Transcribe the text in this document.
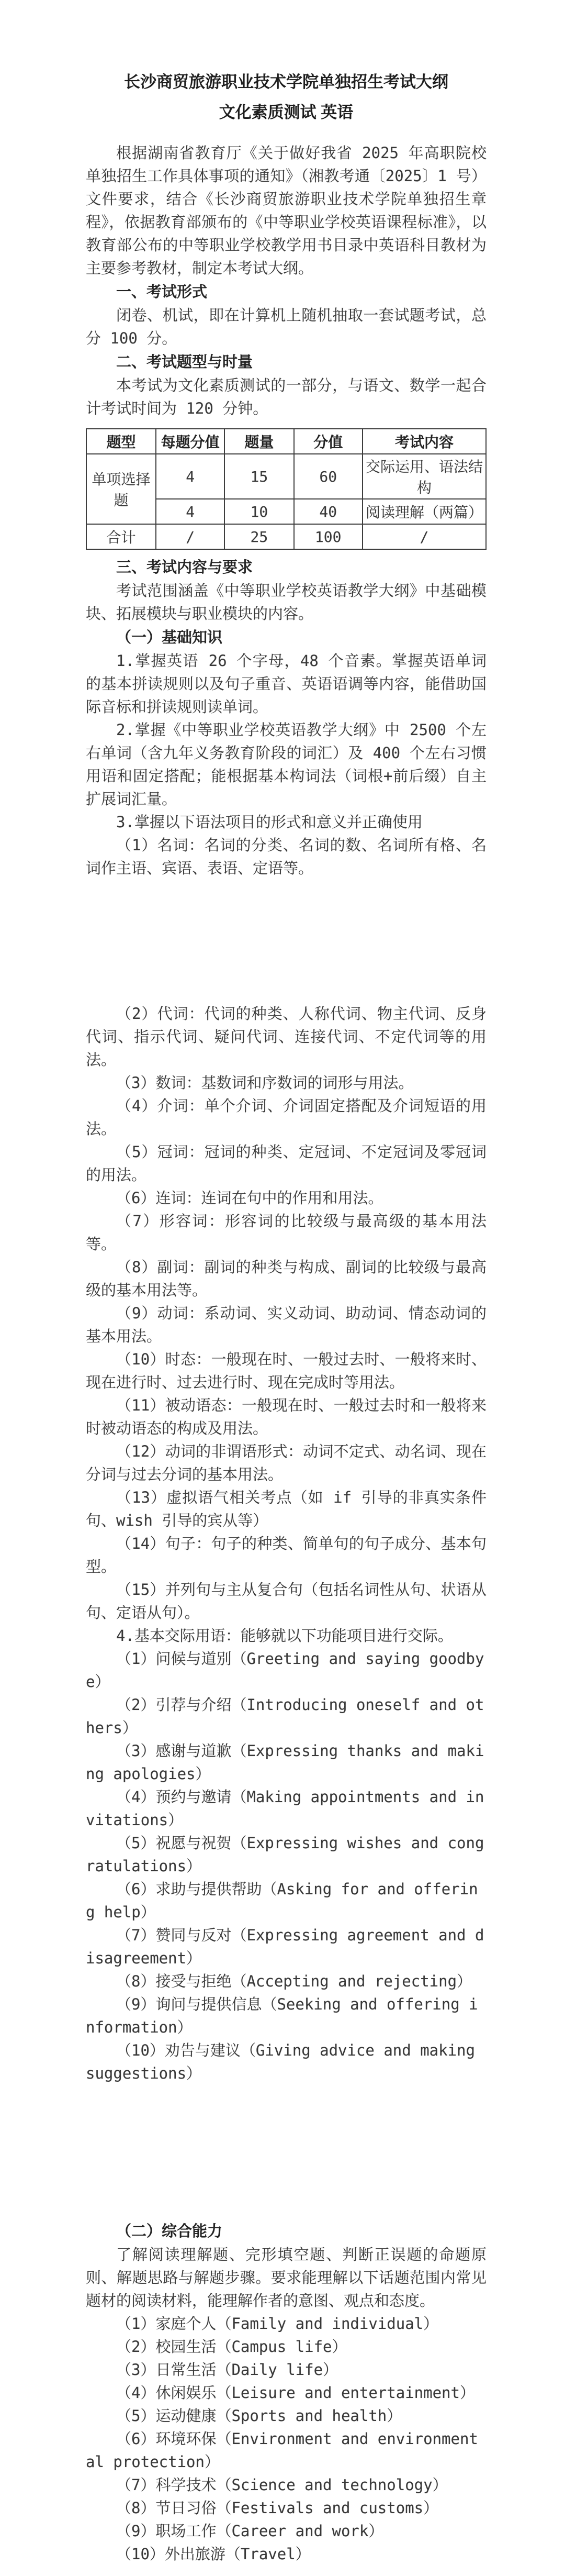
长沙商贸旅游职业技术学院单独招生考试大纲
文化素质测试 英语

根据湖南省教育厅《关于做好我省 2025 年高职院校单独招生工作具体事项的通知》（湘教考通〔2025〕1 号）文件要求，结合《长沙商贸旅游职业技术学院单独招生章程》，依据教育部颁布的《中等职业学校英语课程标准》，以教育部公布的中等职业学校教学用书目录中英语科目教材为主要参考教材，制定本考试大纲。

一、考试形式

闭卷、机试，即在计算机上随机抽取一套试题考试，总分 100 分。

二、考试题型与时量

本考试为文化素质测试的一部分，与语文、数学一起合计考试时间为 120 分钟。

题型	每题分值	题量	分值	考试内容
单项选择题	4	15	60	交际运用、语法结构
	4	10	40	阅读理解（两篇）
合计	/	25	100	/
三、考试内容与要求

考试范围涵盖《中等职业学校英语教学大纲》中基础模块、拓展模块与职业模块的内容。

（一）基础知识

1.掌握英语 26 个字母，48 个音素。掌握英语单词的基本拼读规则以及句子重音、英语语调等内容，能借助国际音标和拼读规则读单词。

2.掌握《中等职业学校英语教学大纲》中 2500 个左右单词（含九年义务教育阶段的词汇）及 400 个左右习惯用语和固定搭配；能根据基本构词法（词根+前后缀）自主扩展词汇量。

3.掌握以下语法项目的形式和意义并正确使用

（1）名词：名词的分类、名词的数、名词所有格、名词作主语、宾语、表语、定语等。

（2）代词：代词的种类、人称代词、物主代词、反身代词、指示代词、疑问代词、连接代词、不定代词等的用法。

（3）数词：基数词和序数词的词形与用法。

（4）介词：单个介词、介词固定搭配及介词短语的用法。

（5）冠词：冠词的种类、定冠词、不定冠词及零冠词的用法。

（6）连词：连词在句中的作用和用法。

（7）形容词：形容词的比较级与最高级的基本用法等。

（8）副词：副词的种类与构成、副词的比较级与最高级的基本用法等。

（9）动词：系动词、实义动词、助动词、情态动词的基本用法。

（10）时态：一般现在时、一般过去时、一般将来时、现在进行时、过去进行时、现在完成时等用法。

（11）被动语态：一般现在时、一般过去时和一般将来时被动语态的构成及用法。

（12）动词的非谓语形式：动词不定式、动名词、现在分词与过去分词的基本用法。

（13）虚拟语气相关考点（如 if 引导的非真实条件句、wish 引导的宾从等）

（14）句子：句子的种类、简单句的句子成分、基本句型。

（15）并列句与主从复合句（包括名词性从句、状语从句、定语从句）。

4.基本交际用语：能够就以下功能项目进行交际。

（1）问候与道别（Greeting and saying goodbye）

（2）引荐与介绍（Introducing oneself and others）

（3）感谢与道歉（Expressing thanks and making apologies）

（4）预约与邀请（Making appointments and invitations）

（5）祝愿与祝贺（Expressing wishes and congratulations）

（6）求助与提供帮助（Asking for and offering help）

（7）赞同与反对（Expressing agreement and disagreement）

（8）接受与拒绝（Accepting and rejecting）

（9）询问与提供信息（Seeking and offering information）

（10）劝告与建议（Giving advice and making suggestions）

（二）综合能力

了解阅读理解题、完形填空题、判断正误题的命题原则、解题思路与解题步骤。要求能理解以下话题范围内常见题材的阅读材料，能理解作者的意图、观点和态度。

（1）家庭个人（Family and individual）

（2）校园生活（Campus life）

（3）日常生活（Daily life）

（4）休闲娱乐（Leisure and entertainment）

（5）运动健康（Sports and health）

（6）环境环保（Environment and environmental protection）

（7）科学技术（Science and technology）

（8）节日习俗（Festivals and customs）

（9）职场工作（Career and work）

（10）外出旅游（Travel）
